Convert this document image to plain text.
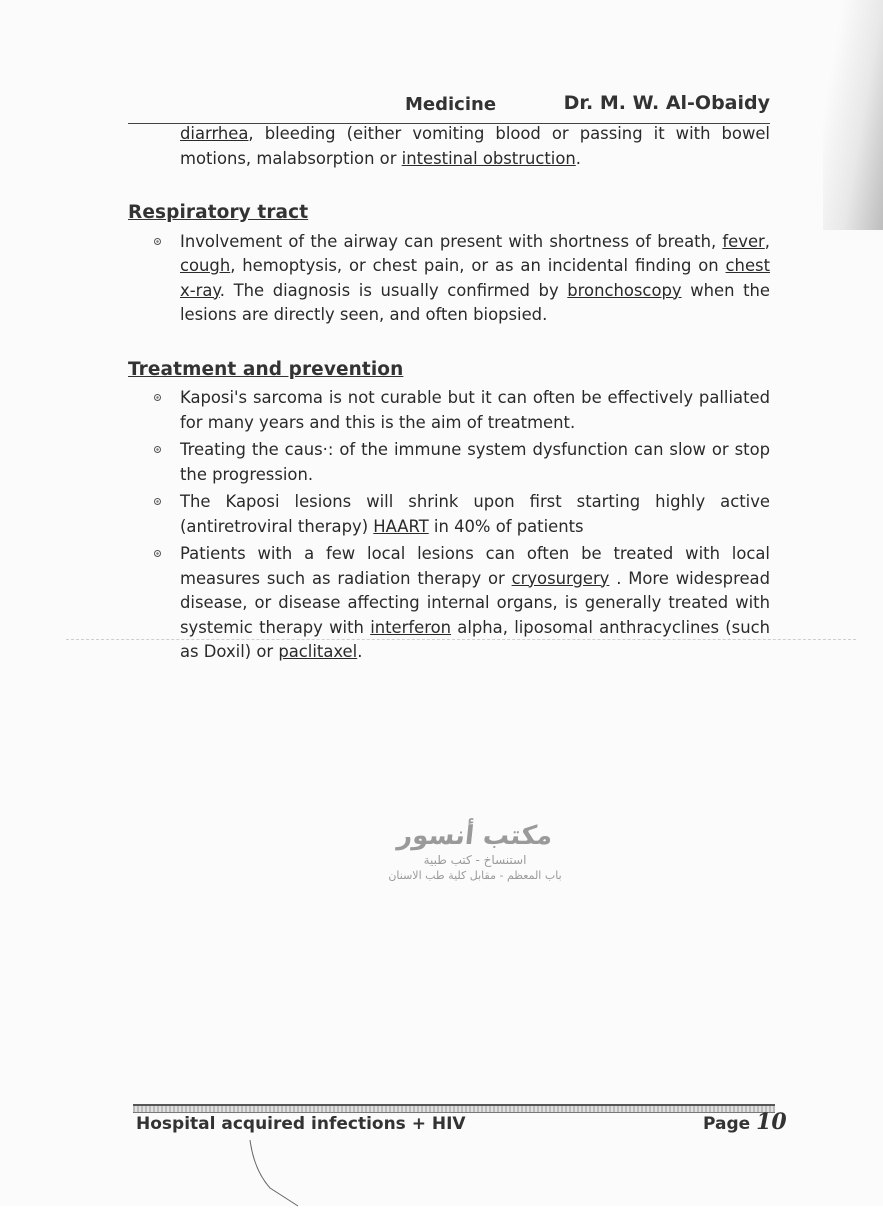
Medicine	Dr. M. W. Al-Obaidy

diarrhea, bleeding (either vomiting blood or passing it with bowel motions, malabsorption or intestinal obstruction.

Respiratory tract
Involvement of the airway can present with shortness of breath, fever, cough, hemoptysis, or chest pain, or as an incidental finding on chest x-ray. The diagnosis is usually confirmed by bronchoscopy when the lesions are directly seen, and often biopsied.
Treatment and prevention
Kaposi's sarcoma is not curable but it can often be effectively palliated for many years and this is the aim of treatment.
Treating the caus·: of the immune system dysfunction can slow or stop the progression.
The Kaposi lesions will shrink upon first starting highly active (antiretroviral therapy) HAART in 40% of patients
Patients with a few local lesions can often be treated with local measures such as radiation therapy or cryosurgery . More widespread disease, or disease affecting internal organs, is generally treated with systemic therapy with interferon alpha, liposomal anthracyclines (such as Doxil) or paclitaxel.
مكتب أنسور
استنساخ - كتب طبية
باب المعظم - مقابل كلية طب الاسنان
Hospital acquired infections + HIV	Page 10
